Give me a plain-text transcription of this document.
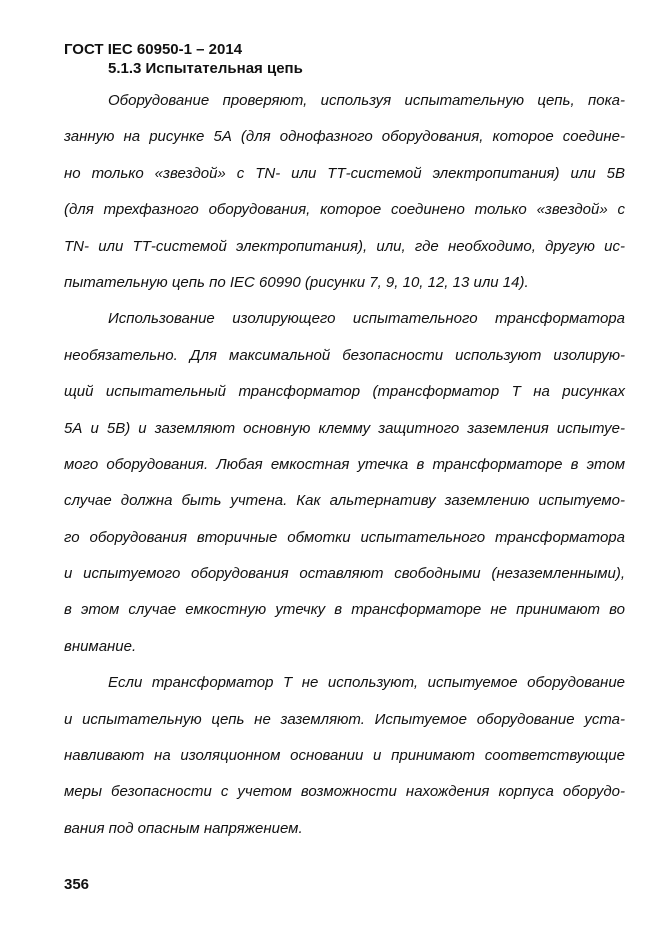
ГОСТ IEC 60950-1 – 2014
5.1.3 Испытательная цепь
Оборудование проверяют, используя испытательную цепь, пока-
занную на рисунке 5А (для однофазного оборудования, которое соедине-
но только «звездой» с TN- или ТТ-системой электропитания) или 5В
(для трехфазного оборудования, которое соединено только «звездой» с
TN- или ТТ-системой электропитания), или, где необходимо, другую ис-
пытательную цепь по IEC 60990 (рисунки 7, 9, 10, 12, 13 или 14).
Использование изолирующего испытательного трансформатора
необязательно. Для максимальной безопасности используют изолирую-
щий испытательный трансформатор (трансформатор Т на рисунках
5А и 5В) и заземляют основную клемму защитного заземления испытуе-
мого оборудования. Любая емкостная утечка в трансформаторе в этом
случае должна быть учтена. Как альтернативу заземлению испытуемо-
го оборудования вторичные обмотки испытательного трансформатора
и испытуемого оборудования оставляют свободными (незаземленными),
в этом случае емкостную утечку в трансформаторе не принимают во
внимание.
Если трансформатор Т не используют, испытуемое оборудование
и испытательную цепь не заземляют. Испытуемое оборудование уста-
навливают на изоляционном основании и принимают соответствующие
меры безопасности с учетом возможности нахождения корпуса оборудо-
вания под опасным напряжением.
356
